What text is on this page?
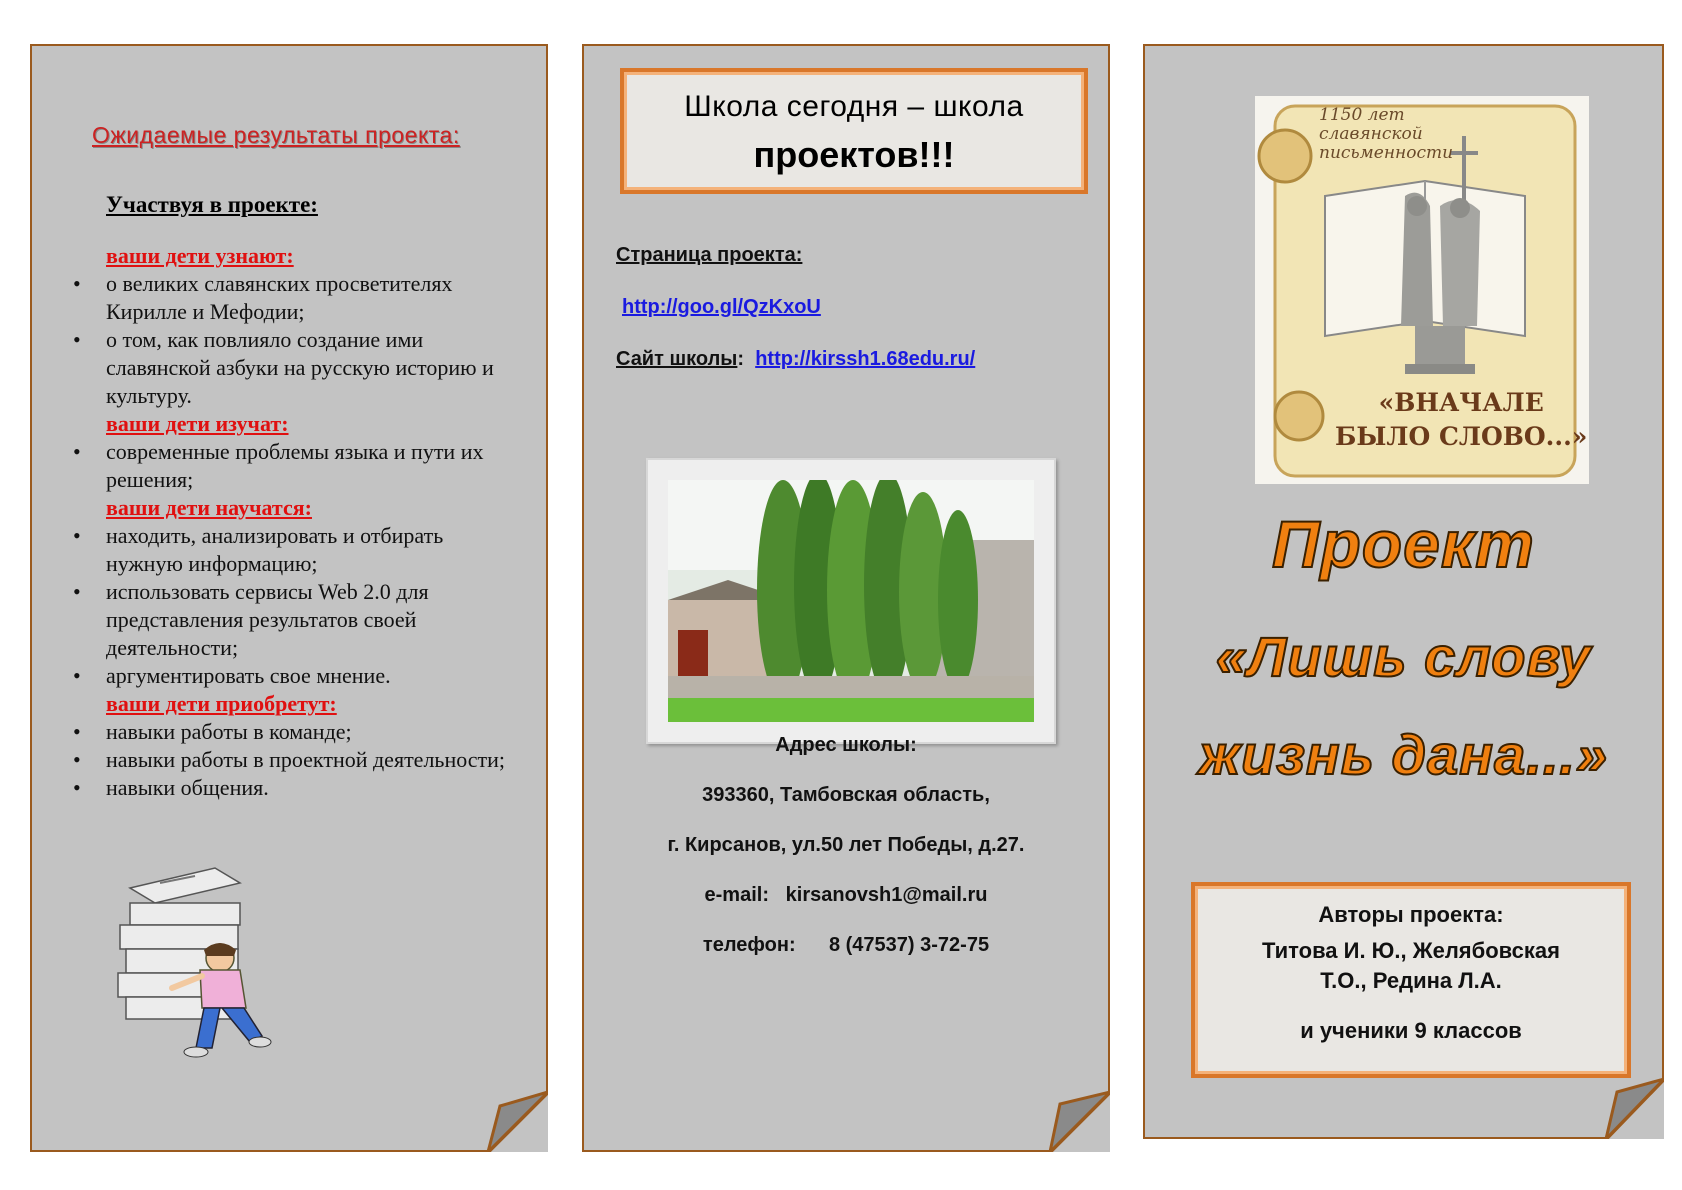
Ожидаемые результаты проекта:
Участвуя в проекте:
ваши дети узнают:
• о великих славянских просветителях Кирилле и Мефодии;
• о том, как повлияло создание ими славянской азбуки на русскую историю и культуру.
ваши дети изучат:
• современные проблемы языка и пути их решения;
ваши дети научатся:
• находить, анализировать и отбирать нужную информацию;
• использовать сервисы Web 2.0 для представления результатов своей деятельности;
• аргументировать свое мнение.
ваши дети приобретут:
• навыки работы в команде;
• навыки работы в проектной деятельности;
• навыки общения.
Школа сегодня – школа
проектов!!!
Страница проекта:
http://goo.gl/QzKxoU
Сайт школы: http://kirssh1.68edu.ru/
Адрес школы:
393360, Тамбовская область,
г. Кирсанов, ул.50 лет Победы, д.27.
e-mail: kirsanovsh1@mail.ru
телефон: 8 (47537) 3-72-75
1150 лет
славянской
письменности
«ВНАЧАЛЕ
БЫЛО СЛОВО...»
Проект
«Лишь слову
жизнь дана...»
Авторы проекта:
Титова И. Ю., Желябовская
Т.О., Редина Л.А.
и ученики 9 классов
